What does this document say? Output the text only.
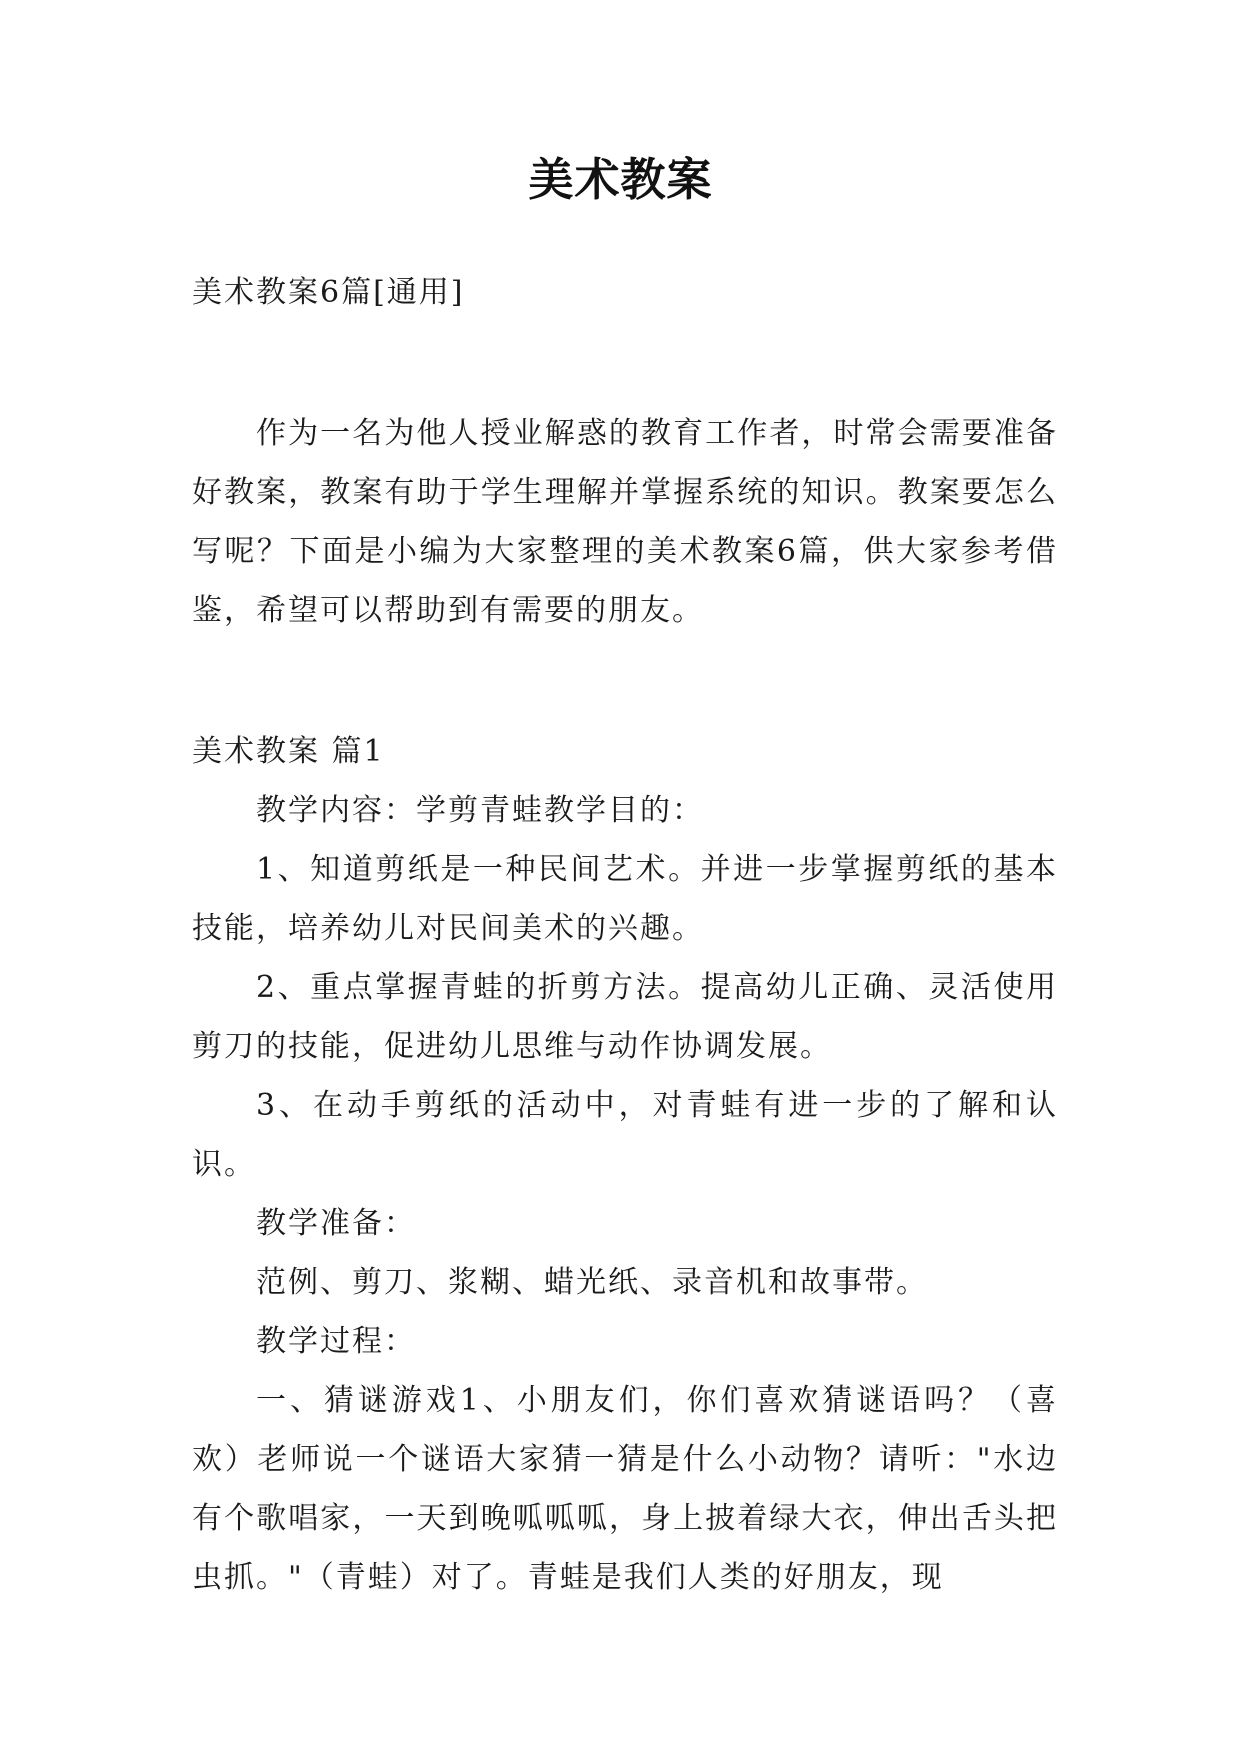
美术教案

美术教案6篇[通用]

作为一名为他人授业解惑的教育工作者，时常会需要准备好教案，教案有助于学生理解并掌握系统的知识。教案要怎么写呢？下面是小编为大家整理的美术教案6篇，供大家参考借鉴，希望可以帮助到有需要的朋友。

美术教案 篇1

教学内容：学剪青蛙教学目的：

1、知道剪纸是一种民间艺术。并进一步掌握剪纸的基本技能，培养幼儿对民间美术的兴趣。

2、重点掌握青蛙的折剪方法。提高幼儿正确、灵活使用剪刀的技能，促进幼儿思维与动作协调发展。

3、在动手剪纸的活动中，对青蛙有进一步的了解和认识。

教学准备：

范例、剪刀、浆糊、蜡光纸、录音机和故事带。

教学过程：

一、猜谜游戏1、小朋友们，你们喜欢猜谜语吗？（喜欢）老师说一个谜语大家猜一猜是什么小动物？请听："水边有个歌唱家，一天到晚呱呱呱，身上披着绿大衣，伸出舌头把虫抓。"（青蛙）对了。青蛙是我们人类的好朋友，现
